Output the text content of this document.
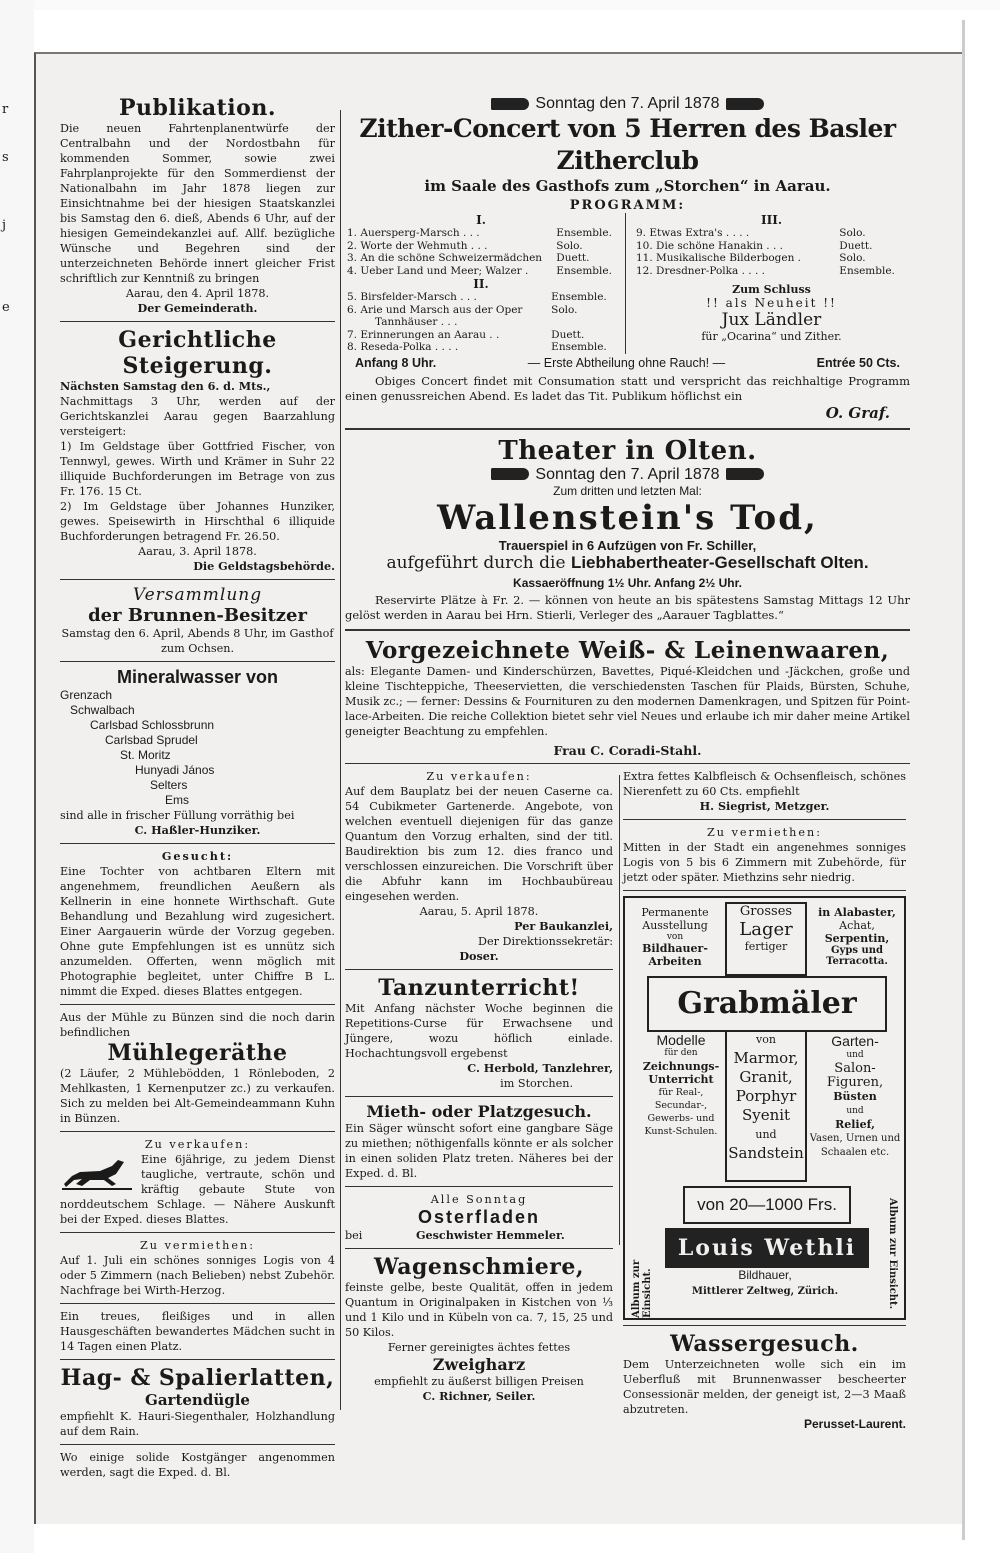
r
s
j
e
Publikation.
Die neuen Fahrtenplanentwürfe der Centralbahn und der Nordostbahn für kommenden Sommer, sowie zwei Fahrplanprojekte für den Sommerdienst der Nationalbahn im Jahr 1878 liegen zur Einsichtnahme bei der hiesigen Staatskanzlei bis Samstag den 6. dieß, Abends 6 Uhr, auf der hiesigen Gemeindekanzlei auf. Allf. bezügliche Wünsche und Begehren sind der unterzeichneten Behörde innert gleicher Frist schriftlich zur Kenntniß zu bringen
Aarau, den 4. April 1878.
Der Gemeinderath.
Gerichtliche Steigerung.
Nächsten Samstag den 6. d. Mts.,
Nachmittags 3 Uhr, werden auf der Gerichtskanzlei Aarau gegen Baarzahlung versteigert:
1) Im Geldstage über Gottfried Fischer, von Tennwyl, gewes. Wirth und Krämer in Suhr 22 illiquide Buchforderungen im Betrage von zus Fr. 176. 15 Ct.
2) Im Geldstage über Johannes Hunziker, gewes. Speisewirth in Hirschthal 6 illiquide Buchforderungen betragend Fr. 26.50.
Aarau, 3. April 1878.
Die Geldstagsbehörde.
Versammlung
der Brunnen-Besitzer
Samstag den 6. April, Abends 8 Uhr, im Gasthof zum Ochsen.
Mineralwasser von
Grenzach
Schwalbach
Carlsbad Schlossbrunn
Carlsbad Sprudel
St. Moritz
Hunyadi János
Selters
Ems
sind alle in frischer Füllung vorräthig bei
C. Haßler-Hunziker.
Gesucht:
Eine Tochter von achtbaren Eltern mit angenehmem, freundlichen Aeußern als Kellnerin in eine honnete Wirthschaft. Gute Behandlung und Bezahlung wird zugesichert. Einer Aargauerin würde der Vorzug gegeben. Ohne gute Empfehlungen ist es unnütz sich anzumelden. Offerten, wenn möglich mit Photographie begleitet, unter Chiffre B L. nimmt die Exped. dieses Blattes entgegen.
Aus der Mühle zu Bünzen sind die noch darin befindlichen
Mühlegeräthe
(2 Läufer, 2 Mühlebödden, 1 Rönleboden, 2 Mehlkasten, 1 Kernenputzer zc.) zu verkaufen. Sich zu melden bei Alt-Gemeindeammann Kuhn in Bünzen.
Zu verkaufen:
Eine 6jährige, zu jedem Dienst taugliche, vertraute, schön und kräftig gebaute Stute von norddeutschem Schlage. — Nähere Auskunft bei der Exped. dieses Blattes.
Zu vermiethen:
Auf 1. Juli ein schönes sonniges Logis von 4 oder 5 Zimmern (nach Belieben) nebst Zubehör. Nachfrage bei Wirth-Herzog.
Ein treues, fleißiges und in allen Hausgeschäften bewandertes Mädchen sucht in 14 Tagen einen Platz.
Hag- & Spalierlatten,
Gartendügle
empfiehlt K. Hauri-Siegenthaler, Holzhandlung auf dem Rain.
Wo einige solide Kostgänger angenommen werden, sagt die Exped. d. Bl.
Sonntag den 7. April 1878
Zither-Concert von 5 Herren des Basler Zitherclub
im Saale des Gasthofs zum „Storchen“ in Aarau.
PROGRAMM:
I.
1. Auersperg-Marsch . . .	Ensemble.
2. Worte der Wehmuth . . .	Solo.
3. An die schöne Schweizermädchen	Duett.
4. Ueber Land und Meer; Walzer .	Ensemble.
II.
5. Birsfelder-Marsch . . .	Ensemble.
6. Arie und Marsch aus der Oper	Solo.
Tannhäuser . . .	
7. Erinnerungen an Aarau . .	Duett.
8. Reseda-Polka . . . .	Ensemble.
III.
9. Etwas Extra's . . . .	Solo.
10. Die schöne Hanakin . . .	Duett.
11. Musikalische Bilderbogen .	Solo.
12. Dresdner-Polka . . . .	Ensemble.
Zum Schluss
!! als Neuheit !!
Jux Ländler
für „Ocarina“ und Zither.
Anfang 8 Uhr.	— Erste Abtheilung ohne Rauch! —	Entrée 50 Cts.
Obiges Concert findet mit Consumation statt und verspricht das reichhaltige Programm einen genussreichen Abend. Es ladet das Tit. Publikum höflichst ein
O. Graf.
Theater in Olten.
Sonntag den 7. April 1878
Zum dritten und letzten Mal:
Wallenstein's Tod,
Trauerspiel in 6 Aufzügen von Fr. Schiller,
aufgeführt durch die Liebhabertheater-Gesellschaft Olten.
Kassaeröffnung 1½ Uhr. Anfang 2½ Uhr.
Reservirte Plätze à Fr. 2. — können von heute an bis spätestens Samstag Mittags 12 Uhr gelöst werden in Aarau bei Hrn. Stierli, Verleger des „Aarauer Tagblattes.“
Vorgezeichnete Weiß- & Leinenwaaren,
als: Elegante Damen- und Kinderschürzen, Bavettes, Piqué-Kleidchen und -Jäckchen, große und kleine Tischteppiche, Theeservietten, die verschiedensten Taschen für Plaids, Bürsten, Schuhe, Musik zc.; — ferner: Dessins & Fournituren zu den modernen Damenkragen, und Spitzen für Point-lace-Arbeiten. Die reiche Collektion bietet sehr viel Neues und erlaube ich mir daher meine Artikel geneigter Beachtung zu empfehlen.
Frau C. Coradi-Stahl.
Zu verkaufen:
Auf dem Bauplatz bei der neuen Caserne ca. 54 Cubikmeter Gartenerde. Angebote, von welchen eventuell diejenigen für das ganze Quantum den Vorzug erhalten, sind der titl. Baudirektion bis zum 12. dies franco und verschlossen einzureichen. Die Vorschrift über die Abfuhr kann im Hochbaubüreau eingesehen werden.
Aarau, 5. April 1878.
Per Baukanzlei,
Der Direktionssekretär:
Doser.
Tanzunterricht!
Mit Anfang nächster Woche beginnen die Repetitions-Curse für Erwachsene und Jüngere, wozu höflich einlade. Hochachtungsvoll ergebenst
C. Herbold, Tanzlehrer,
im Storchen.
Mieth- oder Platzgesuch.
Ein Säger wünscht sofort eine gangbare Säge zu miethen; nöthigenfalls könnte er als solcher in einen soliden Platz treten. Näheres bei der Exped. d. Bl.
Alle Sonntag
Osterfladen
bei	Geschwister Hemmeler.
Wagenschmiere,
feinste gelbe, beste Qualität, offen in jedem Quantum in Originalpaken in Kistchen von ⅓ und 1 Kilo und in Kübeln von ca. 7, 15, 25 und 50 Kilos.
Ferner gereinigtes ächtes fettes
Zweigharz
empfiehlt zu äußerst billigen Preisen
C. Richner, Seiler.
Extra fettes Kalbfleisch & Ochsenfleisch, schönes Nierenfett zu 60 Cts. empfiehlt
H. Siegrist, Metzger.
Zu vermiethen:
Mitten in der Stadt ein angenehmes sonniges Logis von 5 bis 6 Zimmern mit Zubehörde, für jetzt oder später. Miethzins sehr niedrig.
Permanente Ausstellung
von
Bildhauer-Arbeiten
Grosses
Lager
fertiger
in Alabaster,
Achat,
Serpentin,
Gyps und Terracotta.
Grabmäler
von
Marmor,
Granit,
Porphyr
Syenit
und
Sandstein
Modelle
für den
Zeichnungs-Unterricht
für Real-, Secundar-, Gewerbs- und Kunst-Schulen.
Garten-
und
Salon-Figuren,
Büsten
und
Relief,
Vasen, Urnen und Schaalen etc.
von 20—1000 Frs.
Louis Wethli
Bildhauer,
Mittlerer Zeltweg, Zürich.
Album zur Einsicht.	Album zur Einsicht.
Wassergesuch.
Dem Unterzeichneten wolle sich ein im Ueberfluß mit Brunnenwasser bescheerter Consessionär melden, der geneigt ist, 2—3 Maaß abzutreten.
Perusset-Laurent.
